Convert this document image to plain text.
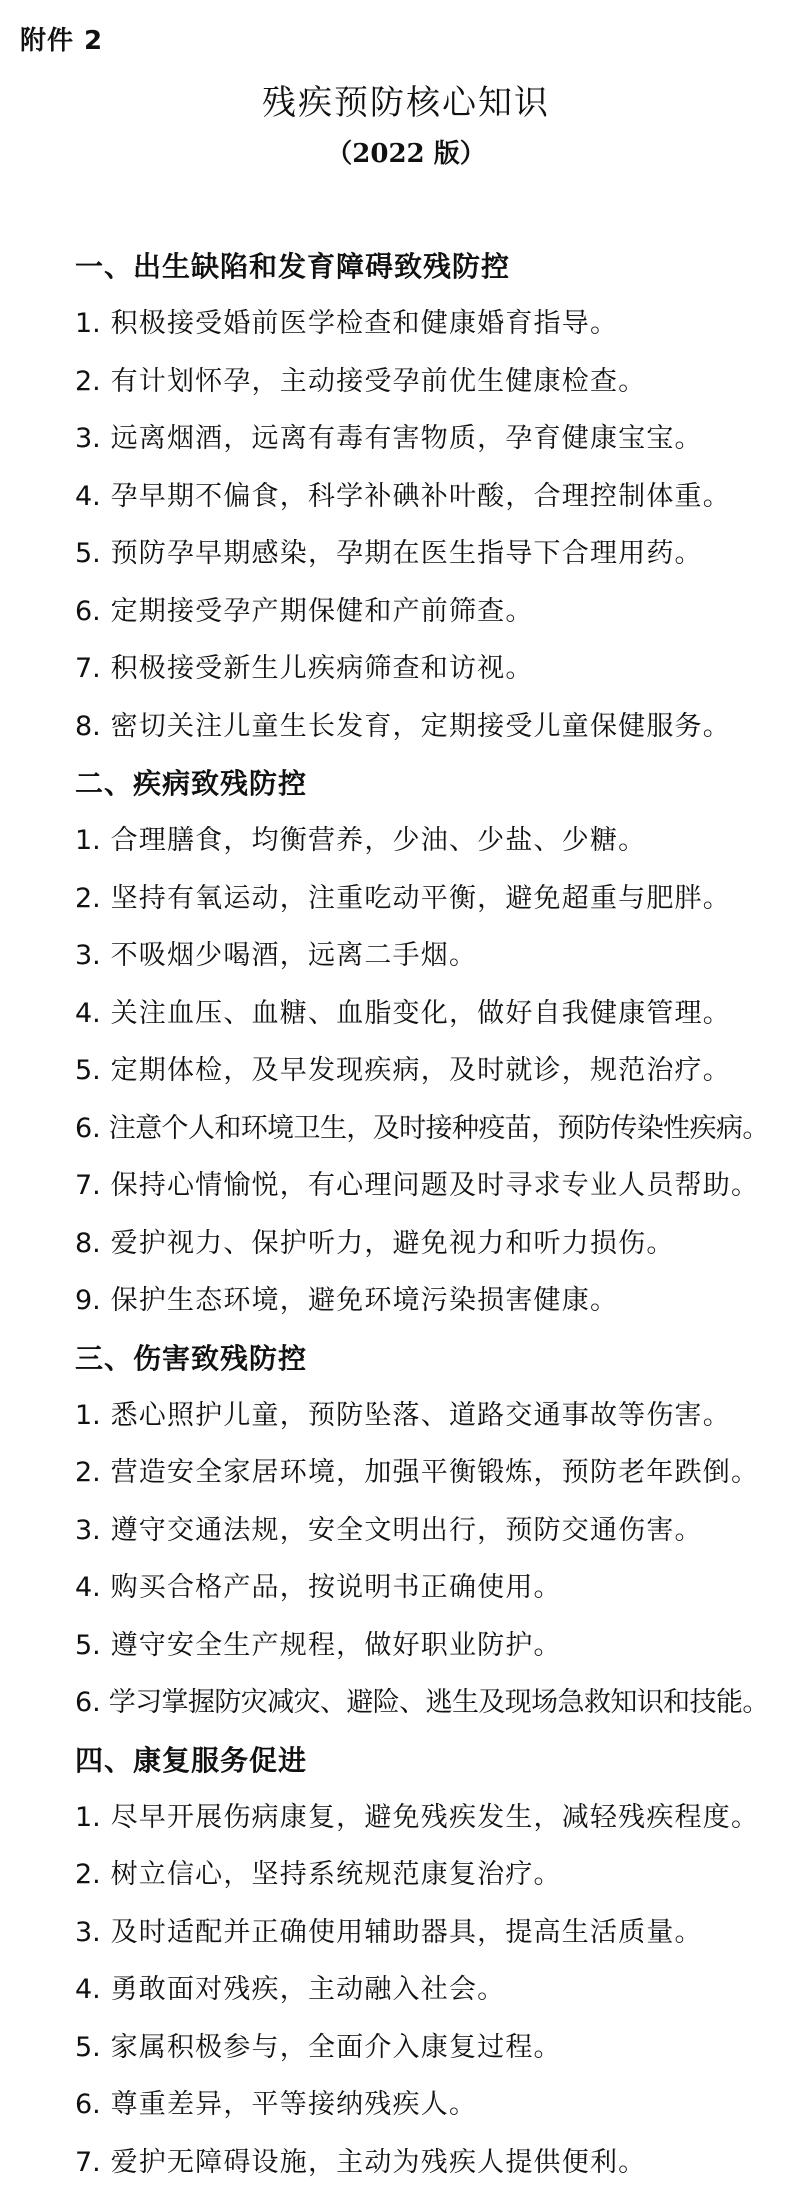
附件 2
残疾预防核心知识
（2022 版）
一、出生缺陷和发育障碍致残防控
1. 积极接受婚前医学检查和健康婚育指导。
2. 有计划怀孕，主动接受孕前优生健康检查。
3. 远离烟酒，远离有毒有害物质，孕育健康宝宝。
4. 孕早期不偏食，科学补碘补叶酸，合理控制体重。
5. 预防孕早期感染，孕期在医生指导下合理用药。
6. 定期接受孕产期保健和产前筛查。
7. 积极接受新生儿疾病筛查和访视。
8. 密切关注儿童生长发育，定期接受儿童保健服务。
二、疾病致残防控
1. 合理膳食，均衡营养，少油、少盐、少糖。
2. 坚持有氧运动，注重吃动平衡，避免超重与肥胖。
3. 不吸烟少喝酒，远离二手烟。
4. 关注血压、血糖、血脂变化，做好自我健康管理。
5. 定期体检，及早发现疾病，及时就诊，规范治疗。
6. 注意个人和环境卫生，及时接种疫苗，预防传染性疾病。
7. 保持心情愉悦，有心理问题及时寻求专业人员帮助。
8. 爱护视力、保护听力，避免视力和听力损伤。
9. 保护生态环境，避免环境污染损害健康。
三、伤害致残防控
1. 悉心照护儿童，预防坠落、道路交通事故等伤害。
2. 营造安全家居环境，加强平衡锻炼，预防老年跌倒。
3. 遵守交通法规，安全文明出行，预防交通伤害。
4. 购买合格产品，按说明书正确使用。
5. 遵守安全生产规程，做好职业防护。
6. 学习掌握防灾减灾、避险、逃生及现场急救知识和技能。
四、康复服务促进
1. 尽早开展伤病康复，避免残疾发生，减轻残疾程度。
2. 树立信心，坚持系统规范康复治疗。
3. 及时适配并正确使用辅助器具，提高生活质量。
4. 勇敢面对残疾，主动融入社会。
5. 家属积极参与，全面介入康复过程。
6. 尊重差异，平等接纳残疾人。
7. 爱护无障碍设施，主动为残疾人提供便利。
